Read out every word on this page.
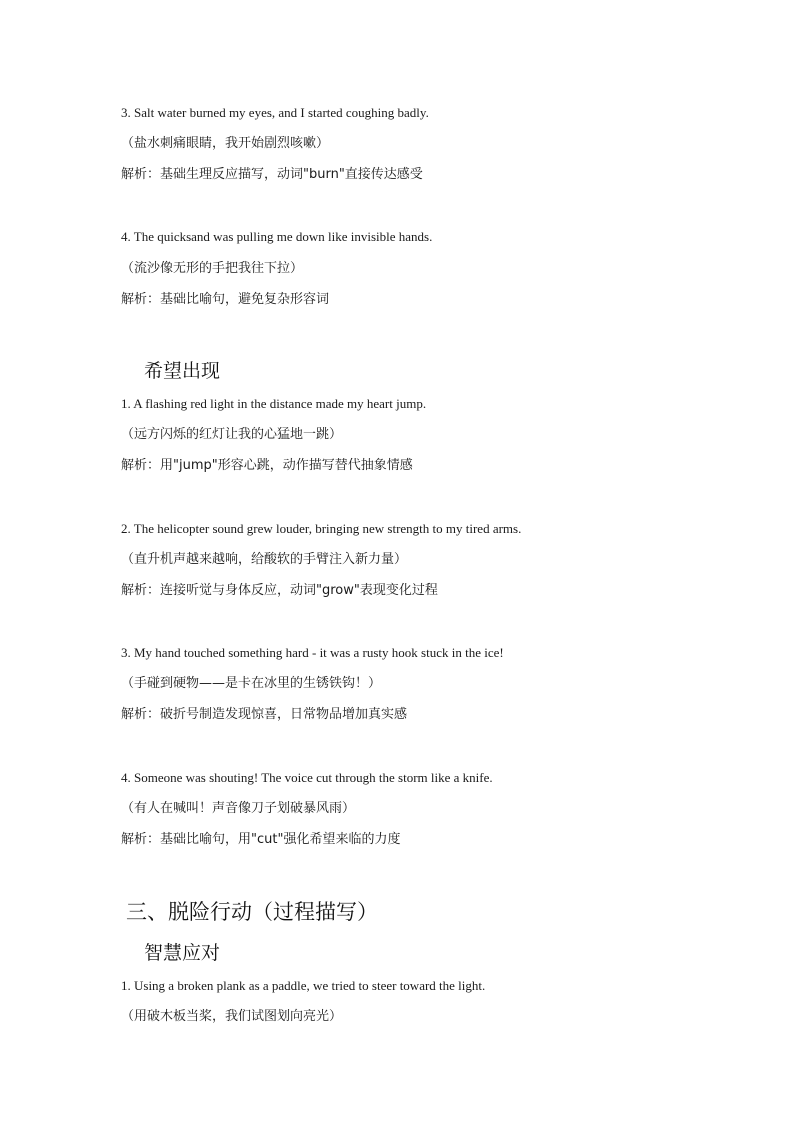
3. Salt water burned my eyes, and I started coughing badly.
（盐水刺痛眼睛，我开始剧烈咳嗽）
解析：基础生理反应描写，动词"burn"直接传达感受
4. The quicksand was pulling me down like invisible hands.
（流沙像无形的手把我往下拉）
解析：基础比喻句，避免复杂形容词
希望出现
1. A flashing red light in the distance made my heart jump.
（远方闪烁的红灯让我的心猛地一跳）
解析：用"jump"形容心跳，动作描写替代抽象情感
2. The helicopter sound grew louder, bringing new strength to my tired arms.
（直升机声越来越响，给酸软的手臂注入新力量）
解析：连接听觉与身体反应，动词"grow"表现变化过程
3. My hand touched something hard - it was a rusty hook stuck in the ice!
（手碰到硬物——是卡在冰里的生锈铁钩！）
解析：破折号制造发现惊喜，日常物品增加真实感
4. Someone was shouting! The voice cut through the storm like a knife.
（有人在喊叫！声音像刀子划破暴风雨）
解析：基础比喻句，用"cut"强化希望来临的力度
三、脱险行动（过程描写）
智慧应对
1. Using a broken plank as a paddle, we tried to steer toward the light.
（用破木板当桨，我们试图划向亮光）
